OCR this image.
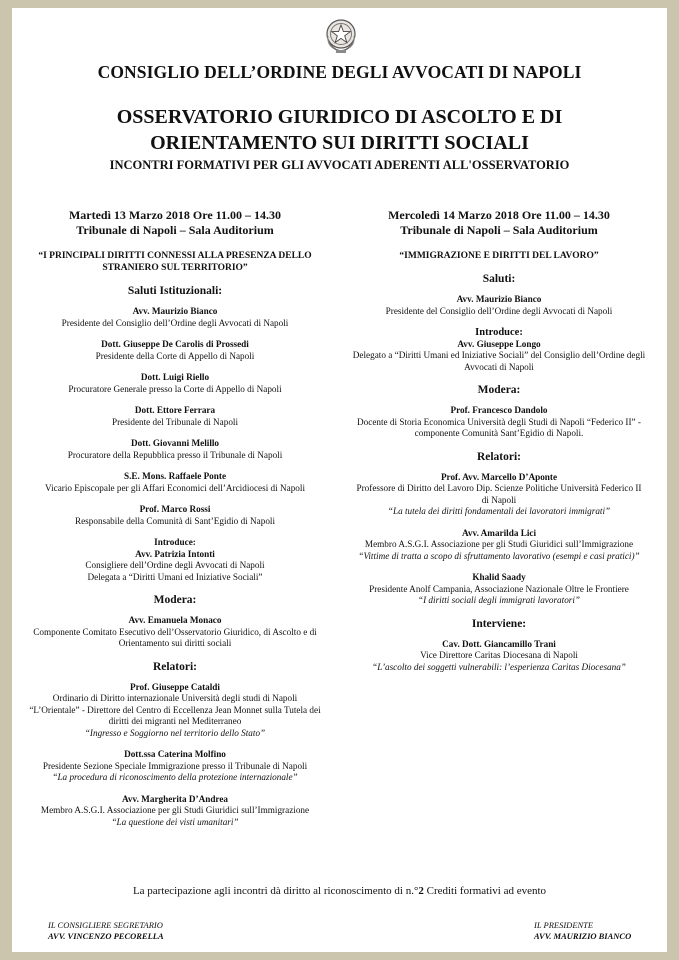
CONSIGLIO DELL’ORDINE DEGLI AVVOCATI DI NAPOLI
OSSERVATORIO GIURIDICO DI ASCOLTO E DI
ORIENTAMENTO SUI DIRITTI SOCIALI
INCONTRI FORMATIVI PER GLI AVVOCATI ADERENTI ALL'OSSERVATORIO
Martedì 13 Marzo 2018 Ore 11.00 – 14.30
Tribunale di Napoli – Sala Auditorium
“I PRINCIPALI DIRITTI CONNESSI ALLA PRESENZA DELLO STRANIERO SUL TERRITORIO”
Saluti Istituzionali:
Avv. Maurizio Bianco
Presidente del Consiglio dell’Ordine degli Avvocati di Napoli
Dott. Giuseppe De Carolis di Prossedi
Presidente della Corte di Appello di Napoli
Dott. Luigi Riello
Procuratore Generale presso la Corte di Appello di Napoli
Dott. Ettore Ferrara
Presidente del Tribunale di Napoli
Dott. Giovanni Melillo
Procuratore della Repubblica presso il Tribunale di Napoli
S.E. Mons. Raffaele Ponte
Vicario Episcopale per gli Affari Economici dell’Arcidiocesi di Napoli
Prof. Marco Rossi
Responsabile della Comunità di Sant’Egidio di Napoli
Introduce:
Avv. Patrizia Intonti
Consigliere dell’Ordine degli Avvocati di Napoli
Delegata a “Diritti Umani ed Iniziative Sociali”
Modera:
Avv. Emanuela Monaco
Componente Comitato Esecutivo dell’Osservatorio Giuridico, di Ascolto e di
Orientamento sui diritti sociali
Relatori:
Prof. Giuseppe Cataldi
Ordinario di Diritto internazionale Università degli studi di Napoli
“L’Orientale” - Direttore del Centro di Eccellenza Jean Monnet sulla Tutela dei
diritti dei migranti nel Mediterraneo
“Ingresso e Soggiorno nel territorio dello Stato”
Dott.ssa Caterina Molfino
Presidente Sezione Speciale Immigrazione presso il Tribunale di Napoli
“La procedura di riconoscimento della protezione internazionale”
Avv. Margherita D’Andrea
Membro A.S.G.I. Associazione per gli Studi Giuridici sull’Immigrazione
“La questione dei visti umanitari”
Mercoledì 14 Marzo 2018 Ore 11.00 – 14.30
Tribunale di Napoli – Sala Auditorium
“IMMIGRAZIONE E DIRITTI DEL LAVORO”
Saluti:
Avv. Maurizio Bianco
Presidente del Consiglio dell’Ordine degli Avvocati di Napoli
Introduce:
Avv. Giuseppe Longo
Delegato a “Diritti Umani ed Iniziative Sociali” del Consiglio dell’Ordine degli
Avvocati di Napoli
Modera:
Prof. Francesco Dandolo
Docente di Storia Economica Università degli Studi di Napoli “Federico II” -
componente Comunità Sant’Egidio di Napoli.
Relatori:
Prof. Avv. Marcello D’Aponte
Professore di Diritto del Lavoro Dip. Scienze Politiche Università Federico II
di Napoli
“La tutela dei diritti fondamentali dei lavoratori immigrati”
Avv. Amarilda Lici
Membro A.S.G.I. Associazione per gli Studi Giuridici sull’Immigrazione
“Vittime di tratta a scopo di sfruttamento lavorativo (esempi e casi pratici)”
Khalid Saady
Presidente Anolf Campania, Associazione Nazionale Oltre le Frontiere
“I diritti sociali degli immigrati lavoratori”
Interviene:
Cav. Dott. Giancamillo Trani
Vice Direttore Caritas Diocesana di Napoli
“L’ascolto dei soggetti vulnerabili: l’esperienza Caritas Diocesana”
La partecipazione agli incontri dà diritto al riconoscimento di n.°2 Crediti formativi ad evento
IL CONSIGLIERE SEGRETARIO
AVV. VINCENZO PECORELLA
IL PRESIDENTE
AVV. MAURIZIO BIANCO
